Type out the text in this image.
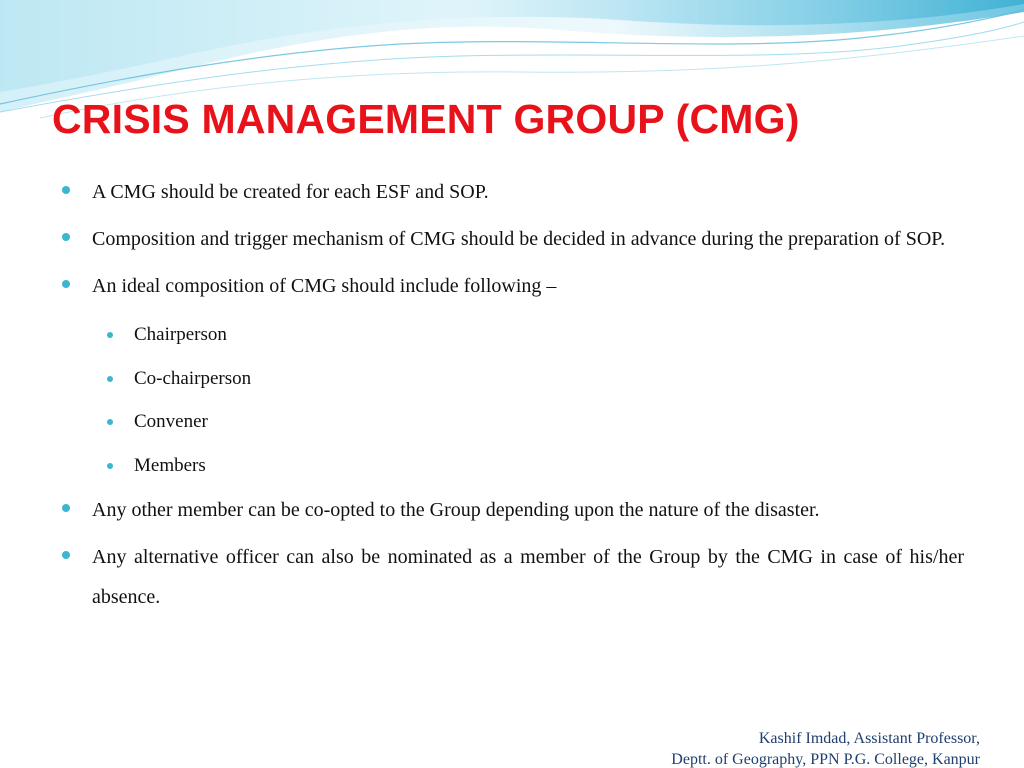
CRISIS MANAGEMENT GROUP (CMG)
A CMG should be created for each ESF and SOP.
Composition and trigger mechanism of CMG should be decided in advance during the preparation of SOP.
An ideal composition of CMG should include following –
Chairperson
Co-chairperson
Convener
Members
Any other member can be co-opted to the Group depending upon the nature of the disaster.
Any alternative officer can also be nominated as a member of the Group by the CMG in case of his/her absence.
Kashif Imdad, Assistant Professor,
Deptt. of Geography, PPN P.G. College, Kanpur
